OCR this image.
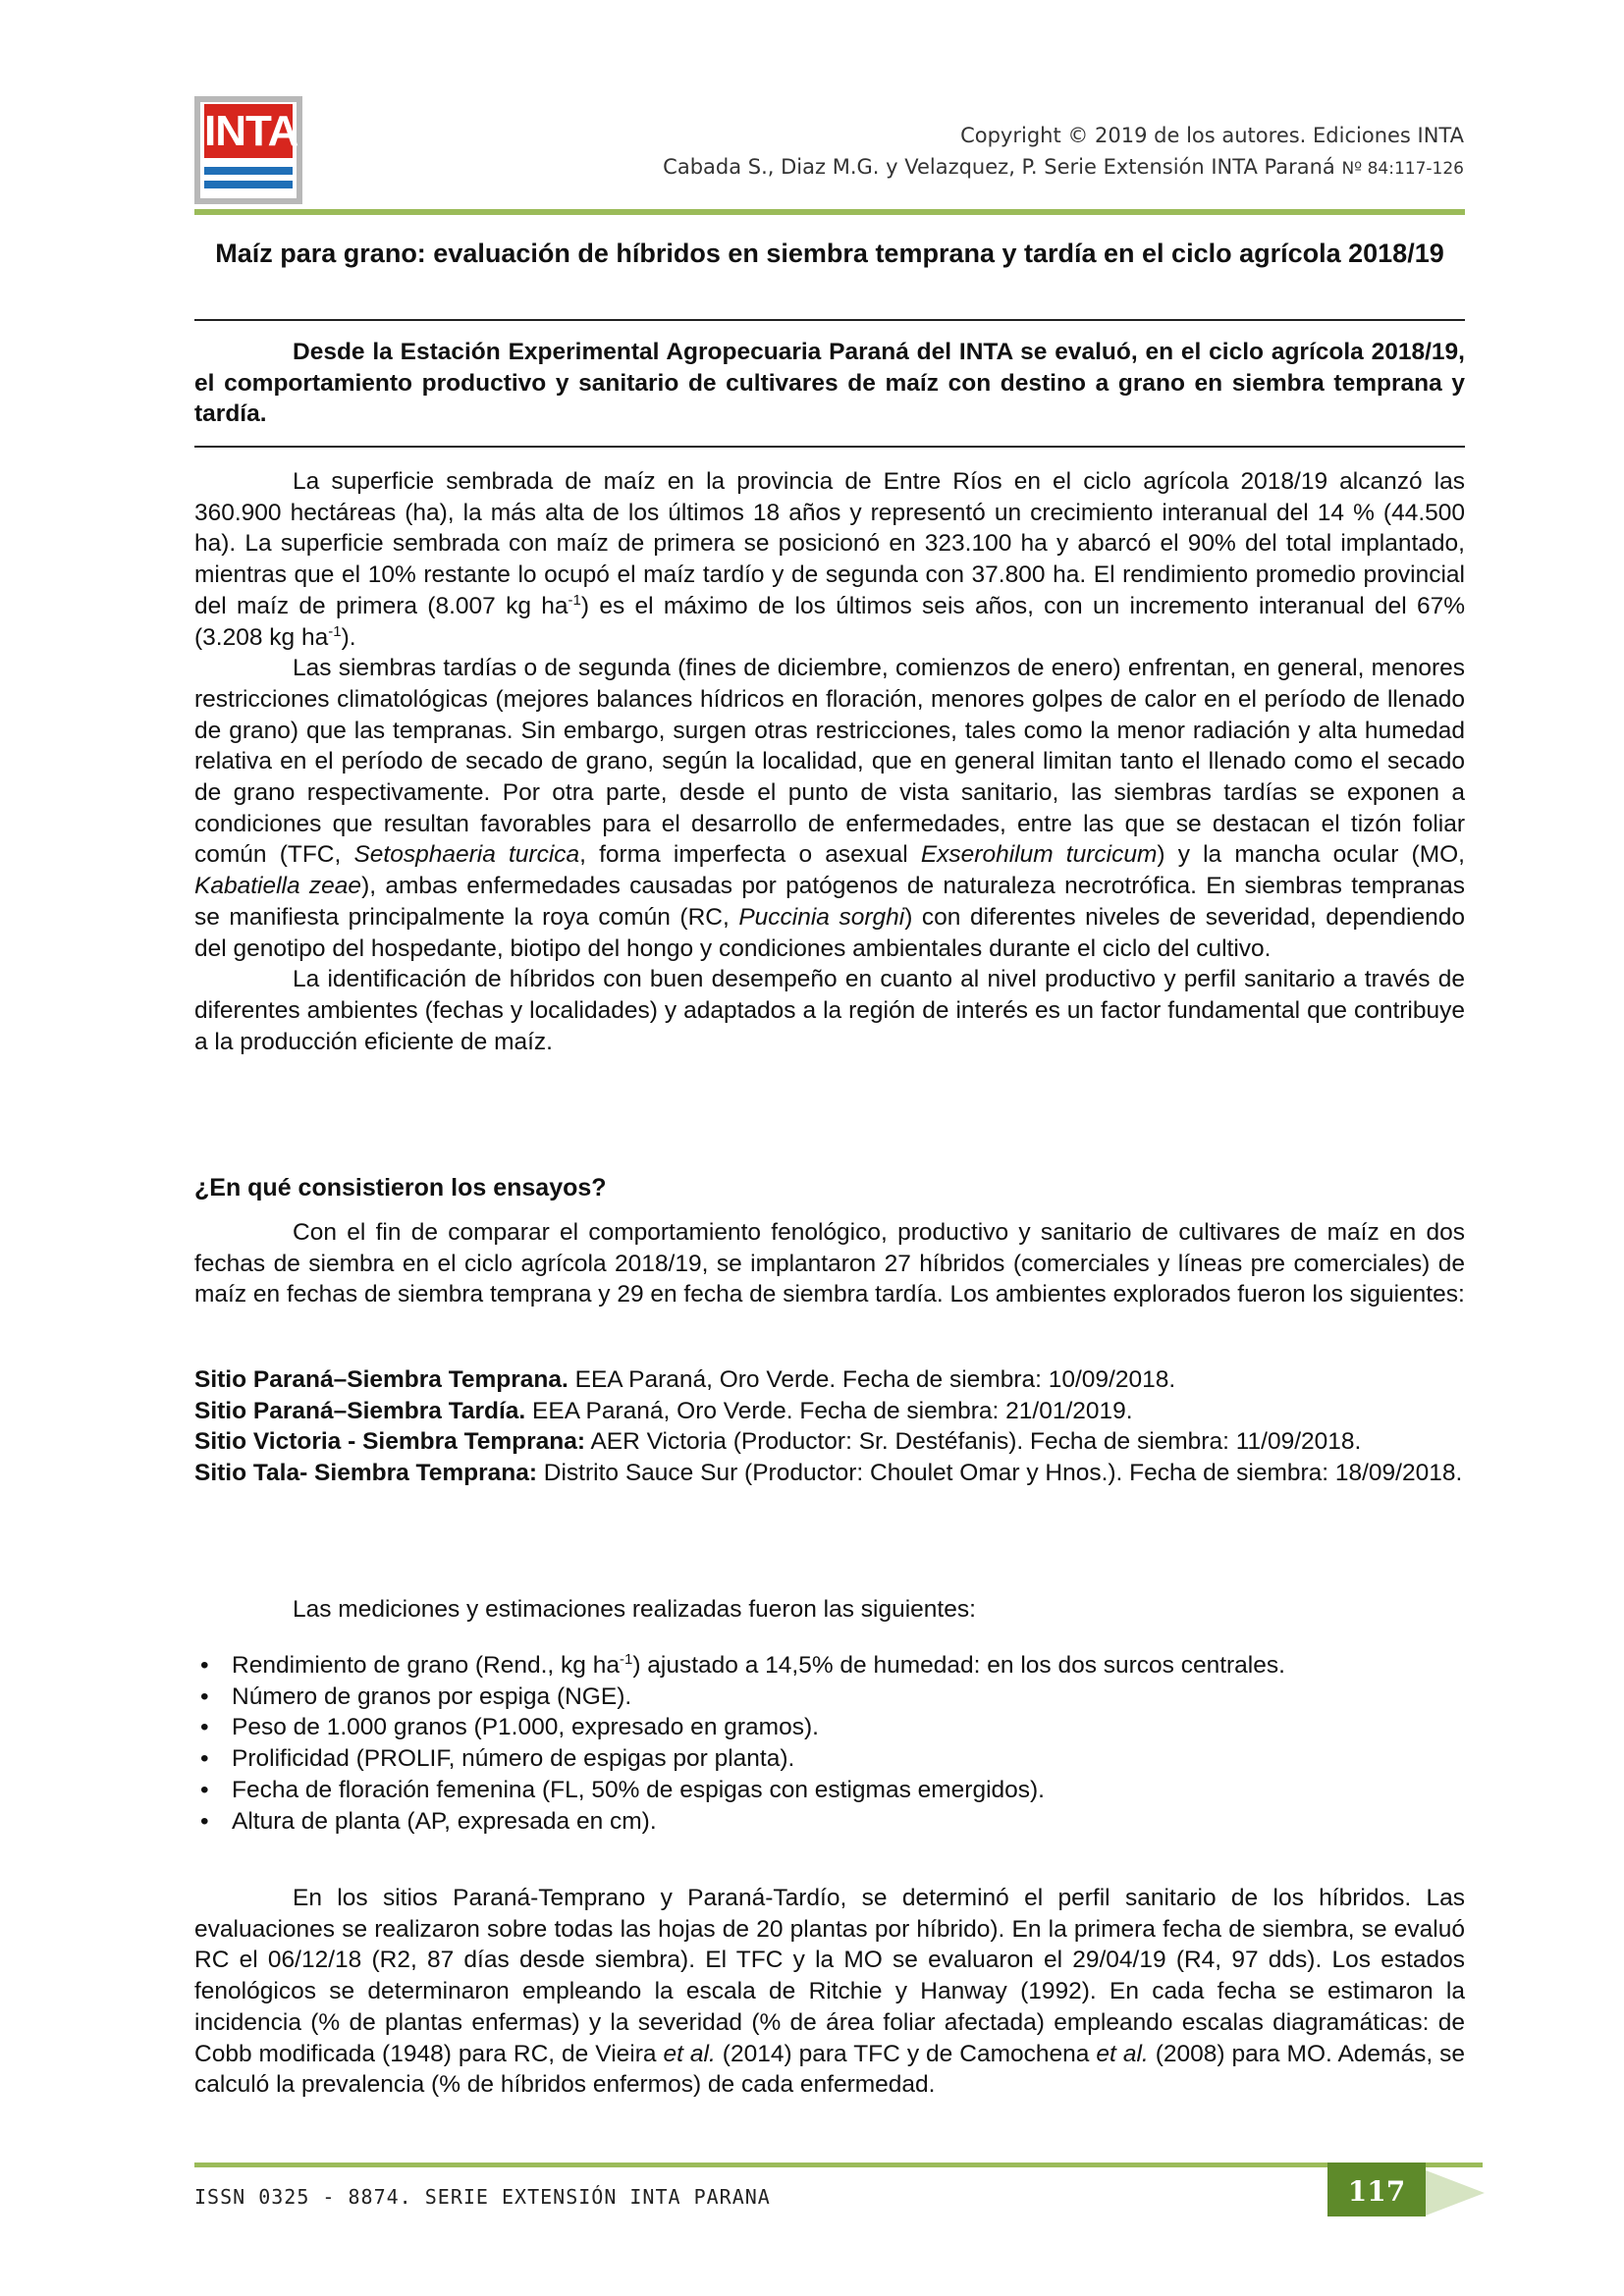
INTA	Copyright © 2019 de los autores. Ediciones INTA
Cabada S., Diaz M.G. y Velazquez, P. Serie Extensión INTA Paraná Nº 84:117-126
Maíz para grano: evaluación de híbridos en siembra temprana y tardía en el ciclo agrícola 2018/19

Desde la Estación Experimental Agropecuaria Paraná del INTA se evaluó, en el ciclo agrícola 2018/19, el comportamiento productivo y sanitario de cultivares de maíz con destino a grano en siembra temprana y tardía.

La superficie sembrada de maíz en la provincia de Entre Ríos en el ciclo agrícola 2018/19 alcanzó las 360.900 hectáreas (ha), la más alta de los últimos 18 años y representó un crecimiento interanual del 14 % (44.500 ha). La superficie sembrada con maíz de primera se posicionó en 323.100 ha y abarcó el 90% del total implantado, mientras que el 10% restante lo ocupó el maíz tardío y de segunda con 37.800 ha. El rendimiento promedio provincial del maíz de primera (8.007 kg $ha^{-1}$) es el máximo de los últimos seis años, con un incremento interanual del 67% (3.208 kg $ha^{-1}$).

Las siembras tardías o de segunda (fines de diciembre, comienzos de enero) enfrentan, en general, menores restricciones climatológicas (mejores balances hídricos en floración, menores golpes de calor en el período de llenado de grano) que las tempranas. Sin embargo, surgen otras restricciones, tales como la menor radiación y alta humedad relativa en el período de secado de grano, según la localidad, que en general limitan tanto el llenado como el secado de grano respectivamente. Por otra parte, desde el punto de vista sanitario, las siembras tardías se exponen a condiciones que resultan favorables para el desarrollo de enfermedades, entre las que se destacan el tizón foliar común (TFC, Setosphaeria turcica, forma imperfecta o asexual Exserohilum turcicum) y la mancha ocular (MO, Kabatiella zeae), ambas enfermedades causadas por patógenos de naturaleza necrotrófica. En siembras tempranas se manifiesta principalmente la roya común (RC, Puccinia sorghi) con diferentes niveles de severidad, dependiendo del genotipo del hospedante, biotipo del hongo y condiciones ambientales durante el ciclo del cultivo.

La identificación de híbridos con buen desempeño en cuanto al nivel productivo y perfil sanitario a través de diferentes ambientes (fechas y localidades) y adaptados a la región de interés es un factor fundamental que contribuye a la producción eficiente de maíz.

¿En qué consistieron los ensayos?

Con el fin de comparar el comportamiento fenológico, productivo y sanitario de cultivares de maíz en dos fechas de siembra en el ciclo agrícola 2018/19, se implantaron 27 híbridos (comerciales y líneas pre comerciales) de maíz en fechas de siembra temprana y 29 en fecha de siembra tardía. Los ambientes explorados fueron los siguientes:

Sitio Paraná–Siembra Temprana. EEA Paraná, Oro Verde. Fecha de siembra: 10/09/2018.

Sitio Paraná–Siembra Tardía. EEA Paraná, Oro Verde. Fecha de siembra: 21/01/2019.

Sitio Victoria - Siembra Temprana: AER Victoria (Productor: Sr. Destéfanis). Fecha de siembra: 11/09/2018.

Sitio Tala- Siembra Temprana: Distrito Sauce Sur (Productor: Choulet Omar y Hnos.). Fecha de siembra: 18/09/2018.

Las mediciones y estimaciones realizadas fueron las siguientes:

• Rendimiento de grano (Rend., kg $ha^{-1}$) ajustado a 14,5% de humedad: en los dos surcos centrales.
• Número de granos por espiga (NGE).
• Peso de 1.000 granos (P1.000, expresado en gramos).
• Prolificidad (PROLIF, número de espigas por planta).
• Fecha de floración femenina (FL, 50% de espigas con estigmas emergidos).
• Altura de planta (AP, expresada en cm).

En los sitios Paraná-Temprano y Paraná-Tardío, se determinó el perfil sanitario de los híbridos. Las evaluaciones se realizaron sobre todas las hojas de 20 plantas por híbrido). En la primera fecha de siembra, se evaluó RC el 06/12/18 (R2, 87 días desde siembra). El TFC y la MO se evaluaron el 29/04/19 (R4, 97 dds). Los estados fenológicos se determinaron empleando la escala de Ritchie y Hanway (1992). En cada fecha se estimaron la incidencia (% de plantas enfermas) y la severidad (% de área foliar afectada) empleando escalas diagramáticas: de Cobb modificada (1948) para RC, de Vieira et al. (2014) para TFC y de Camochena et al. (2008) para MO. Además, se calculó la prevalencia (% de híbridos enfermos) de cada enfermedad.

ISSN 0325 - 8874. SERIE EXTENSIÓN INTA PARANA	117
